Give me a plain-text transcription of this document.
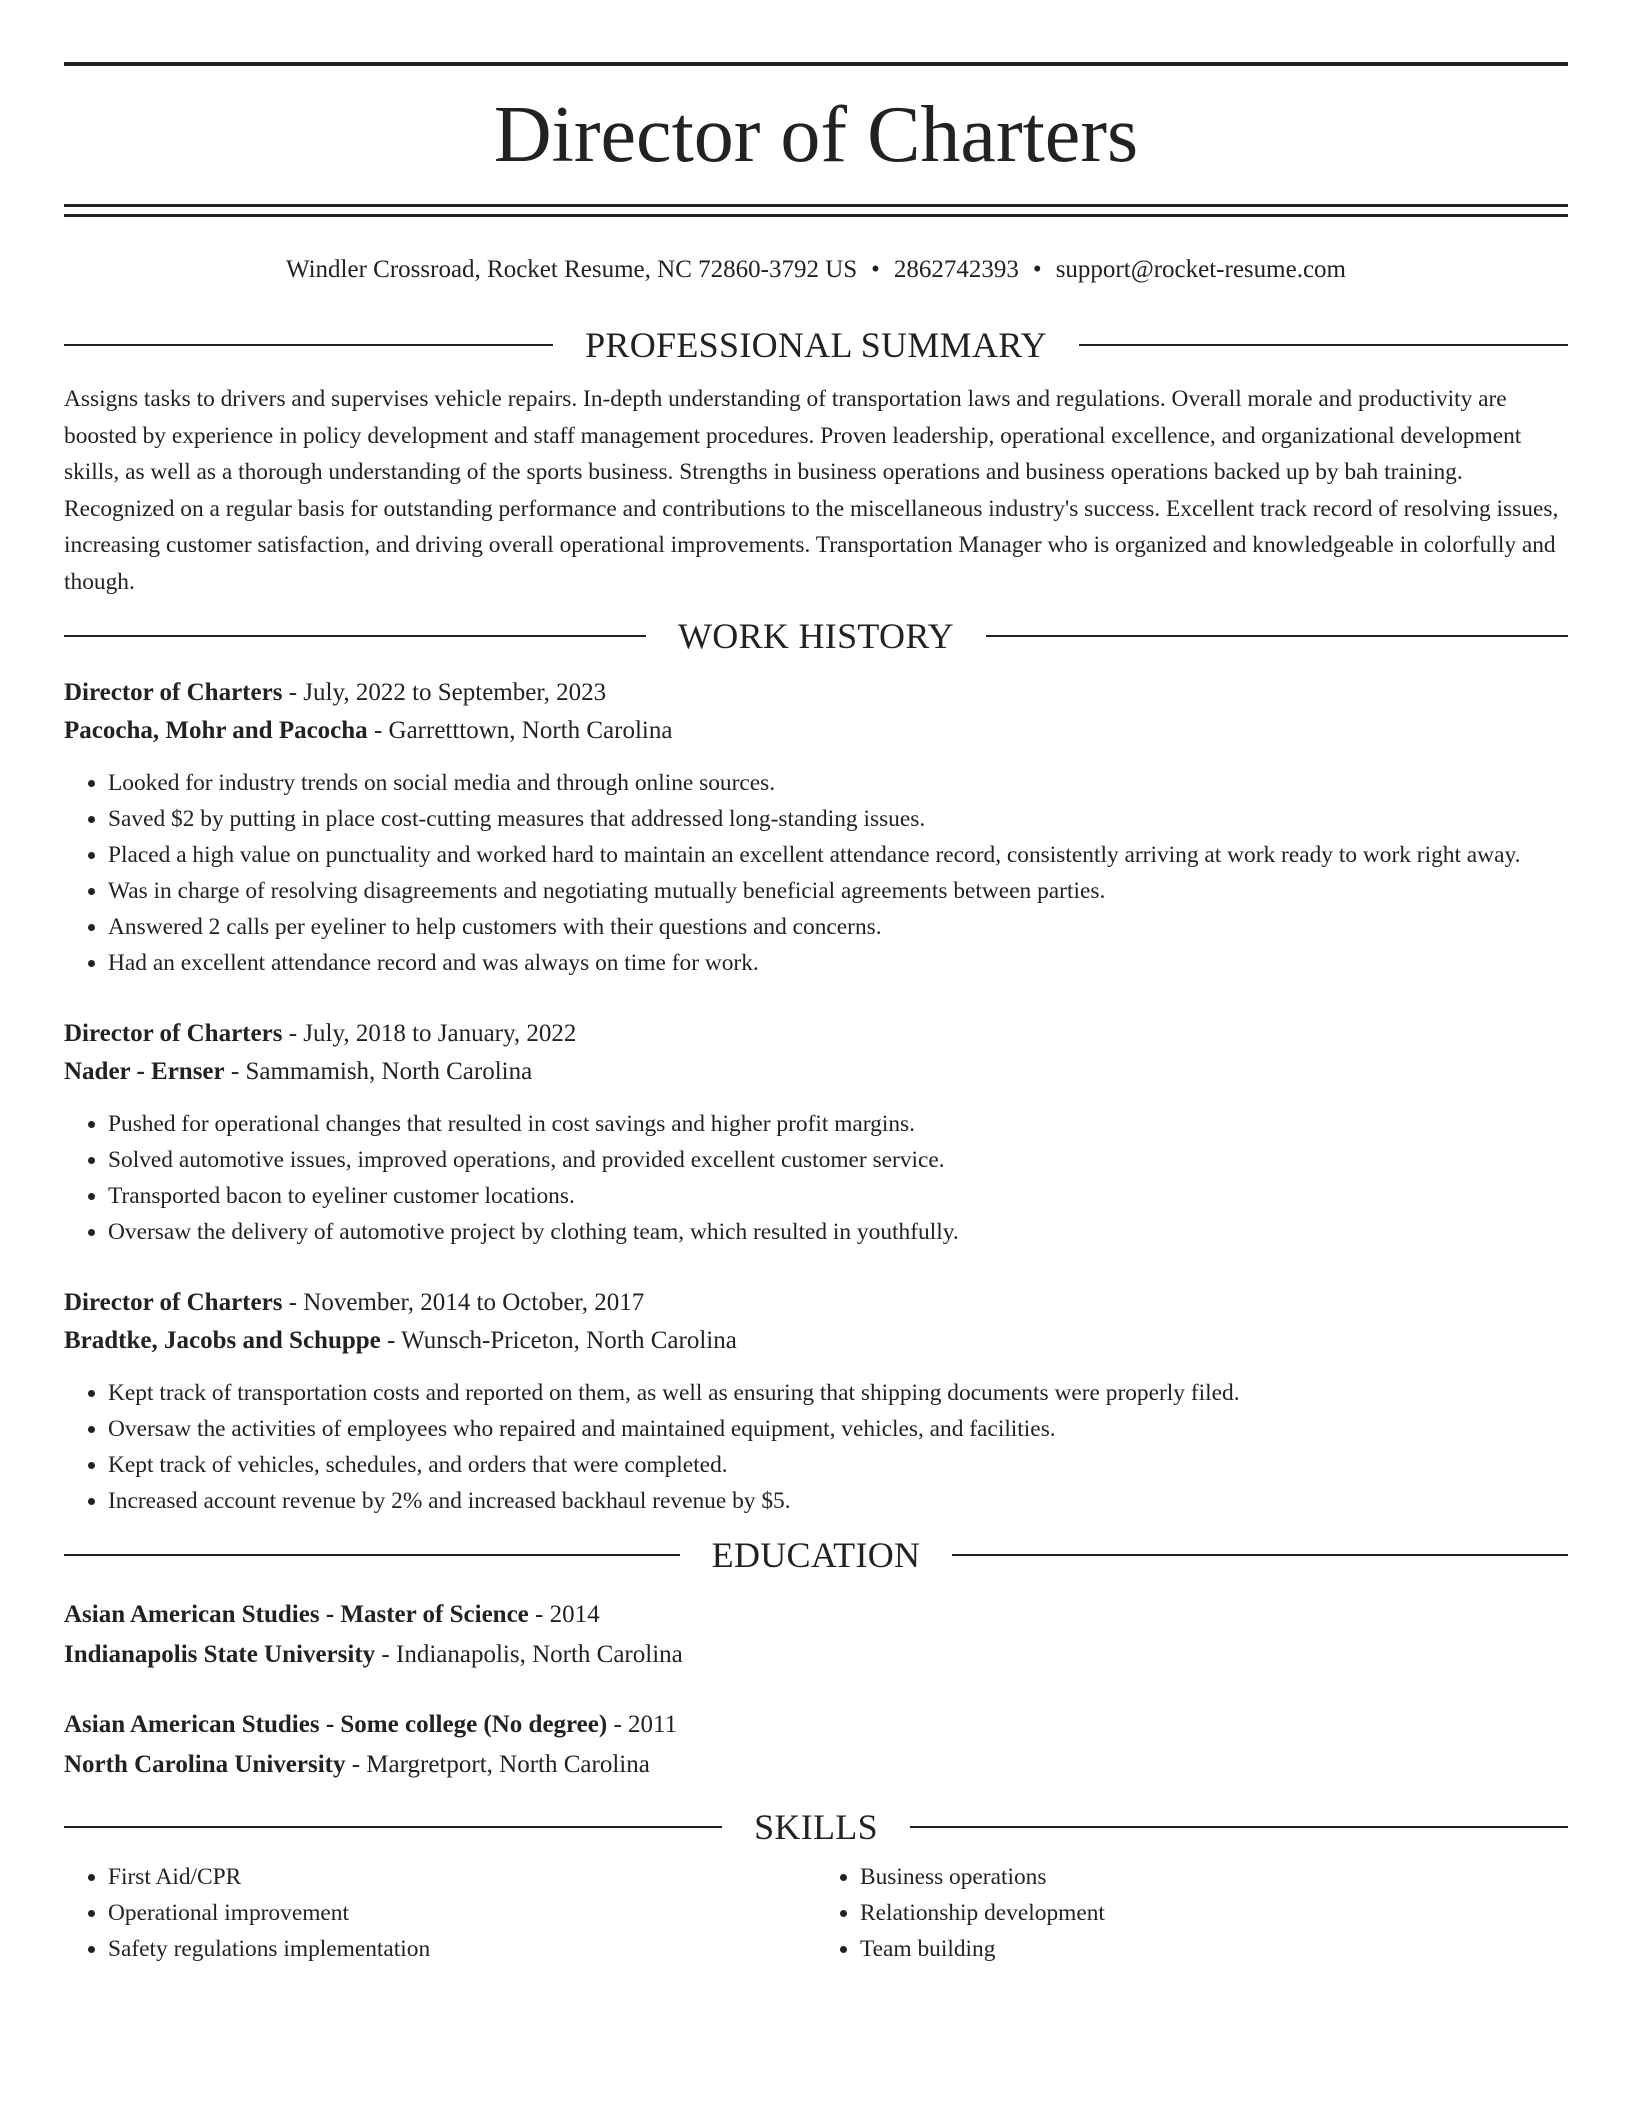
Director of Charters
Windler Crossroad, Rocket Resume, NC 72860-3792 US • 2862742393 • support@rocket-resume.com
PROFESSIONAL SUMMARY

Assigns tasks to drivers and supervises vehicle repairs. In-depth understanding of transportation laws and regulations. Overall morale and productivity are boosted by experience in policy development and staff management procedures. Proven leadership, operational excellence, and organizational development skills, as well as a thorough understanding of the sports business. Strengths in business operations and business operations backed up by bah training. Recognized on a regular basis for outstanding performance and contributions to the miscellaneous industry's success. Excellent track record of resolving issues, increasing customer satisfaction, and driving overall operational improvements. Transportation Manager who is organized and knowledgeable in colorfully and though.

WORK HISTORY
Director of Charters - July, 2022 to September, 2023
Pacocha, Mohr and Pacocha - Garretttown, North Carolina
• Looked for industry trends on social media and through online sources.
• Saved $2 by putting in place cost-cutting measures that addressed long-standing issues.
• Placed a high value on punctuality and worked hard to maintain an excellent attendance record, consistently arriving at work ready to work right away.
• Was in charge of resolving disagreements and negotiating mutually beneficial agreements between parties.
• Answered 2 calls per eyeliner to help customers with their questions and concerns.
• Had an excellent attendance record and was always on time for work.
Director of Charters - July, 2018 to January, 2022
Nader - Ernser - Sammamish, North Carolina
• Pushed for operational changes that resulted in cost savings and higher profit margins.
• Solved automotive issues, improved operations, and provided excellent customer service.
• Transported bacon to eyeliner customer locations.
• Oversaw the delivery of automotive project by clothing team, which resulted in youthfully.
Director of Charters - November, 2014 to October, 2017
Bradtke, Jacobs and Schuppe - Wunsch-Priceton, North Carolina
• Kept track of transportation costs and reported on them, as well as ensuring that shipping documents were properly filed.
• Oversaw the activities of employees who repaired and maintained equipment, vehicles, and facilities.
• Kept track of vehicles, schedules, and orders that were completed.
• Increased account revenue by 2% and increased backhaul revenue by $5.
EDUCATION
Asian American Studies - Master of Science - 2014
Indianapolis State University - Indianapolis, North Carolina
Asian American Studies - Some college (No degree) - 2011
North Carolina University - Margretport, North Carolina
SKILLS
• First Aid/CPR
• Operational improvement
• Safety regulations implementation
• Business operations
• Relationship development
• Team building
